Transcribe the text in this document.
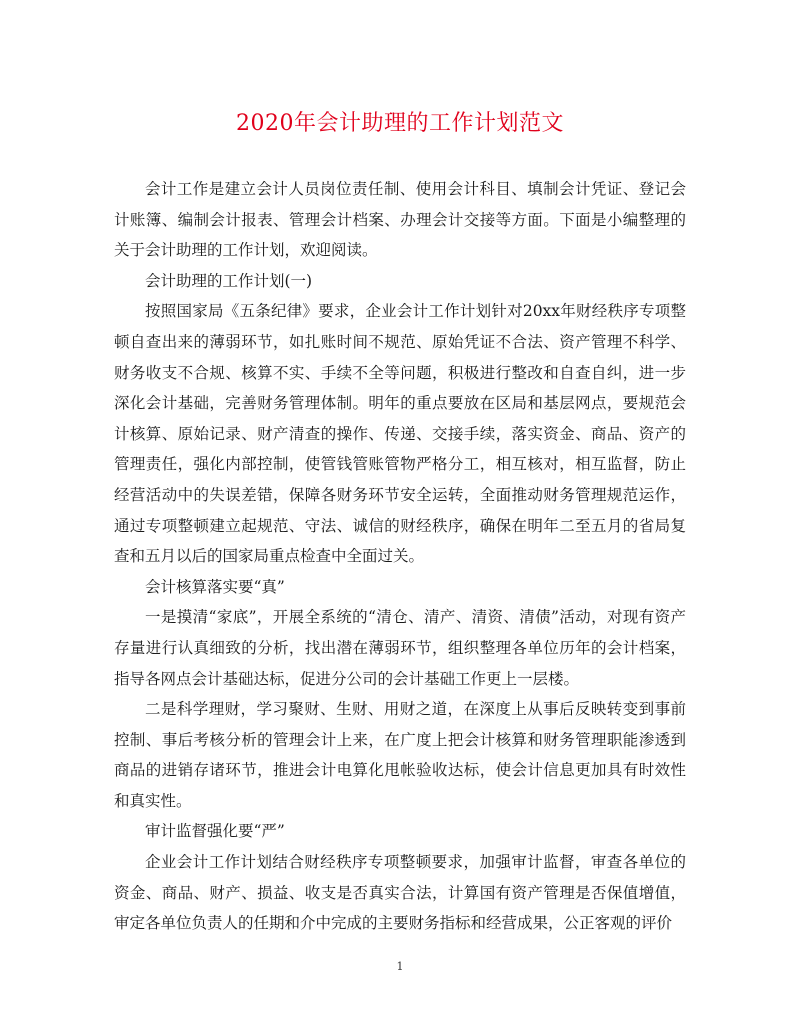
2020年会计助理的工作计划范文

会计工作是建立会计人员岗位责任制、使用会计科目、填制会计凭证、登记会计账簿、编制会计报表、管理会计档案、办理会计交接等方面。下面是小编整理的关于会计助理的工作计划，欢迎阅读。

会计助理的工作计划(一)

按照国家局《五条纪律》要求，企业会计工作计划针对20xx年财经秩序专项整顿自查出来的薄弱环节，如扎账时间不规范、原始凭证不合法、资产管理不科学、财务收支不合规、核算不实、手续不全等问题，积极进行整改和自查自纠，进一步深化会计基础，完善财务管理体制。明年的重点要放在区局和基层网点，要规范会计核算、原始记录、财产清查的操作、传递、交接手续，落实资金、商品、资产的管理责任，强化内部控制，使管钱管账管物严格分工，相互核对，相互监督，防止经营活动中的失误差错，保障各财务环节安全运转，全面推动财务管理规范运作，通过专项整顿建立起规范、守法、诚信的财经秩序，确保在明年二至五月的省局复查和五月以后的国家局重点检查中全面过关。

会计核算落实要“真”

一是摸清“家底”，开展全系统的“清仓、清产、清资、清债”活动，对现有资产存量进行认真细致的分析，找出潜在薄弱环节，组织整理各单位历年的会计档案，指导各网点会计基础达标，促进分公司的会计基础工作更上一层楼。

二是科学理财，学习聚财、生财、用财之道，在深度上从事后反映转变到事前控制、事后考核分析的管理会计上来，在广度上把会计核算和财务管理职能渗透到商品的进销存诸环节，推进会计电算化甩帐验收达标，使会计信息更加具有时效性和真实性。

审计监督强化要“严”

企业会计工作计划结合财经秩序专项整顿要求，加强审计监督，审查各单位的资金、商品、财产、损益、收支是否真实合法，计算国有资产管理是否保值增值，审定各单位负责人的任期和介中完成的主要财务指标和经营成果，公正客观的评价

1
